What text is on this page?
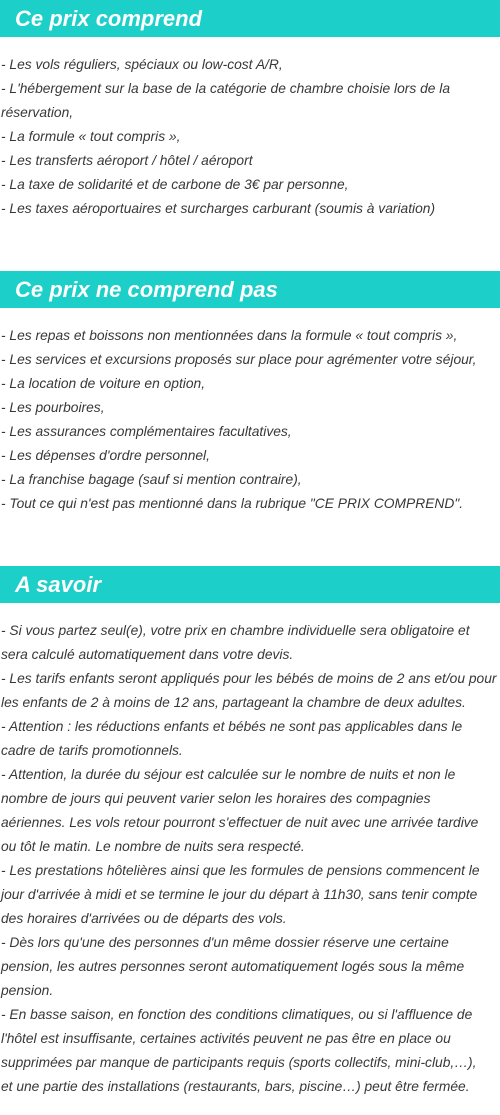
Ce prix comprend
- Les vols réguliers, spéciaux ou low-cost A/R,
- L'hébergement sur la base de la catégorie de chambre choisie lors de la
réservation,
- La formule « tout compris »,
- Les transferts aéroport / hôtel / aéroport
- La taxe de solidarité et de carbone de 3€ par personne,
- Les taxes aéroportuaires et surcharges carburant (soumis à variation)
Ce prix ne comprend pas
- Les repas et boissons non mentionnées dans la formule « tout compris »,
- Les services et excursions proposés sur place pour agrémenter votre séjour,
- La location de voiture en option,
- Les pourboires,
- Les assurances complémentaires facultatives,
- Les dépenses d'ordre personnel,
- La franchise bagage (sauf si mention contraire),
- Tout ce qui n'est pas mentionné dans la rubrique "CE PRIX COMPREND".
A savoir
- Si vous partez seul(e), votre prix en chambre individuelle sera obligatoire et
sera calculé automatiquement dans votre devis.
- Les tarifs enfants seront appliqués pour les bébés de moins de 2 ans et/ou pour
les enfants de 2 à moins de 12 ans, partageant la chambre de deux adultes.
- Attention : les réductions enfants et bébés ne sont pas applicables dans le
cadre de tarifs promotionnels.
- Attention, la durée du séjour est calculée sur le nombre de nuits et non le
nombre de jours qui peuvent varier selon les horaires des compagnies
aériennes. Les vols retour pourront s'effectuer de nuit avec une arrivée tardive
ou tôt le matin. Le nombre de nuits sera respecté.
- Les prestations hôtelières ainsi que les formules de pensions commencent le
jour d'arrivée à midi et se termine le jour du départ à 11h30, sans tenir compte
des horaires d'arrivées ou de départs des vols.
- Dès lors qu'une des personnes d'un même dossier réserve une certaine
pension, les autres personnes seront automatiquement logés sous la même
pension.
- En basse saison, en fonction des conditions climatiques, ou si l'affluence de
l'hôtel est insuffisante, certaines activités peuvent ne pas être en place ou
supprimées par manque de participants requis (sports collectifs, mini-club,…),
et une partie des installations (restaurants, bars, piscine…) peut être fermée.
